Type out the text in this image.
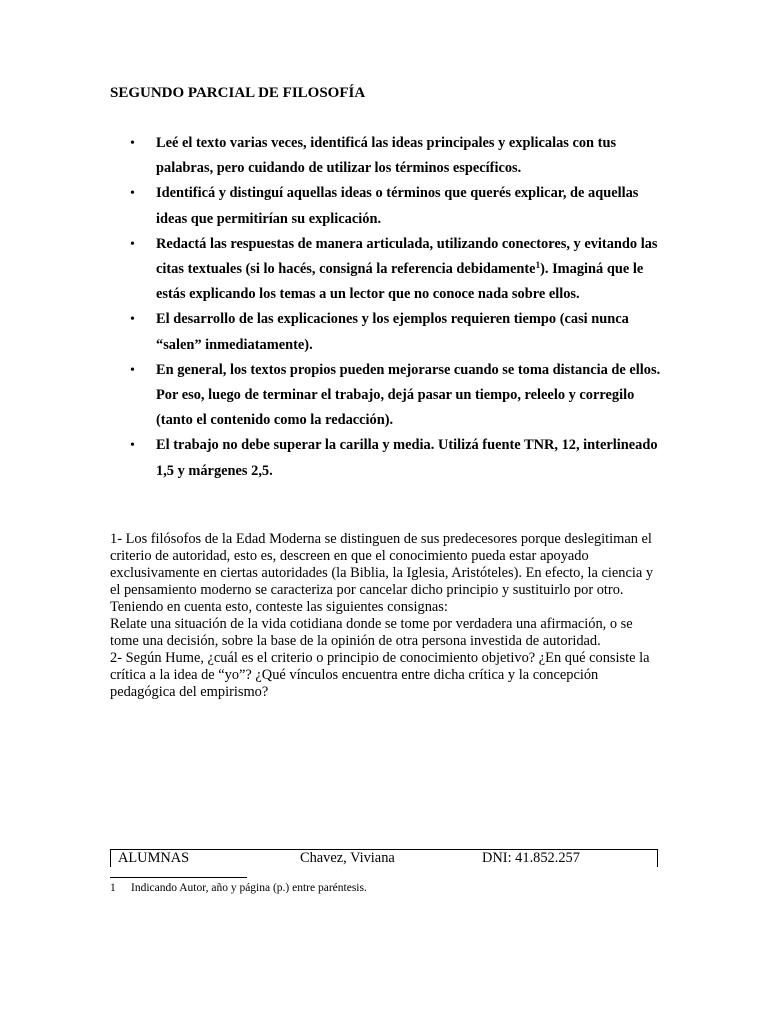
SEGUNDO PARCIAL DE FILOSOFÍA
• Leé el texto varias veces, identificá las ideas principales y explicalas con tus palabras, pero cuidando de utilizar los términos específicos.
• Identificá y distinguí aquellas ideas o términos que querés explicar, de aquellas ideas que permitirían su explicación.
• Redactá las respuestas de manera articulada, utilizando conectores, y evitando las citas textuales (si lo hacés, consigná la referencia debidamente$^1$). Imaginá que le estás explicando los temas a un lector que no conoce nada sobre ellos.
• El desarrollo de las explicaciones y los ejemplos requieren tiempo (casi nunca “salen” inmediatamente).
• En general, los textos propios pueden mejorarse cuando se toma distancia de ellos. Por eso, luego de terminar el trabajo, dejá pasar un tiempo, releelo y corregilo (tanto el contenido como la redacción).
• El trabajo no debe superar la carilla y media. Utilizá fuente TNR, 12, interlineado 1,5 y márgenes 2,5.

1- Los filósofos de la Edad Moderna se distinguen de sus predecesores porque deslegitiman el criterio de autoridad, esto es, descreen en que el conocimiento pueda estar apoyado exclusivamente en ciertas autoridades (la Biblia, la Iglesia, Aristóteles). En efecto, la ciencia y el pensamiento moderno se caracteriza por cancelar dicho principio y sustituirlo por otro. Teniendo en cuenta esto, conteste las siguientes consignas:

Relate una situación de la vida cotidiana donde se tome por verdadera una afirmación, o se tome una decisión, sobre la base de la opinión de otra persona investida de autoridad.

2- Según Hume, ¿cuál es el criterio o principio de conocimiento objetivo? ¿En qué consiste la crítica a la idea de “yo”? ¿Qué vínculos encuentra entre dicha crítica y la concepción pedagógica del empirismo?

ALUMNAS	Chavez, Viviana	DNI: 41.852.257
1 Indicando Autor, año y página (p.) entre paréntesis.
